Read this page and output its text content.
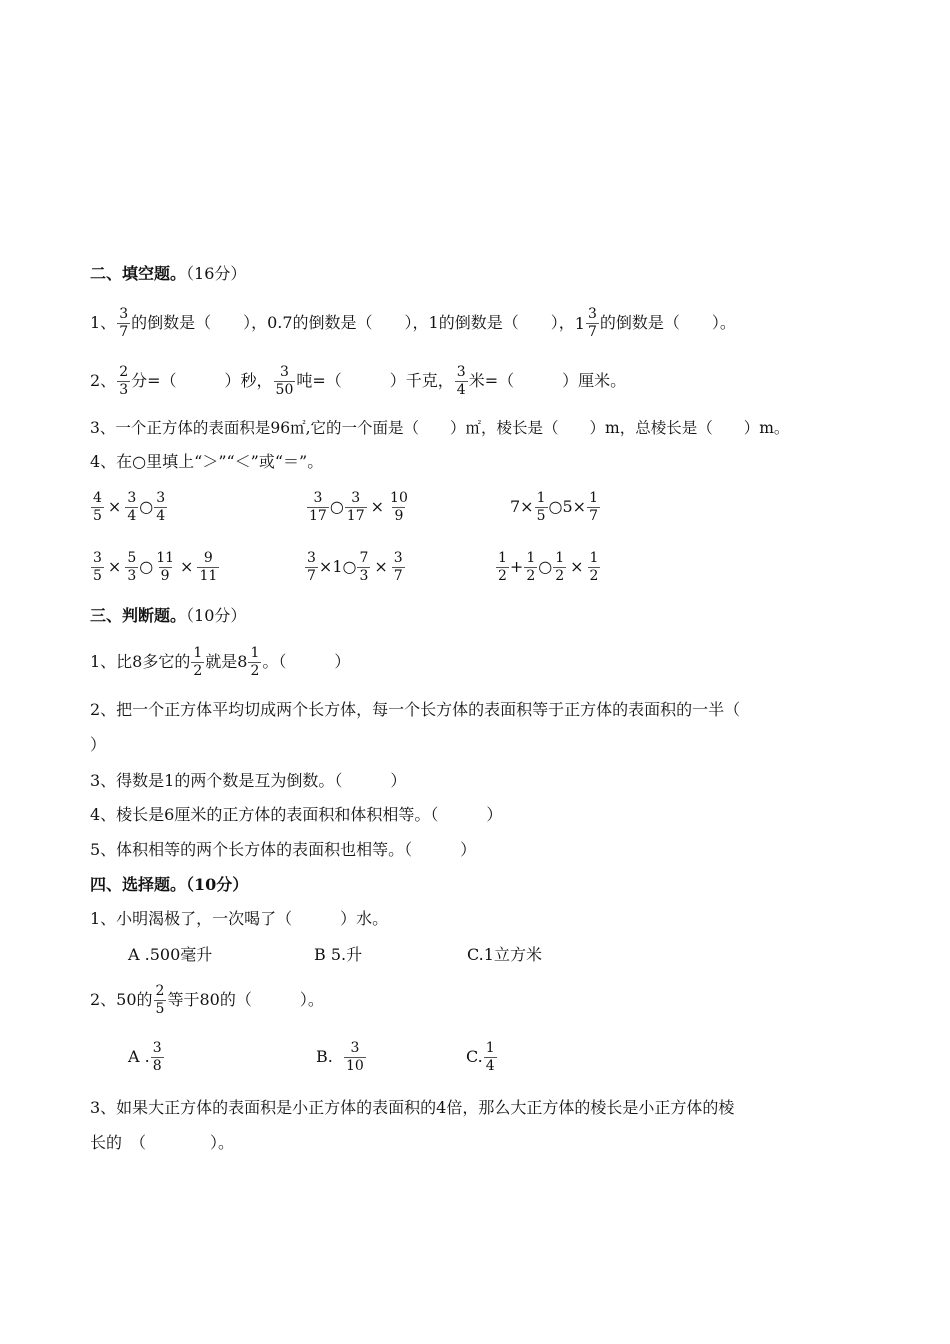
二、填空题。（16分）
1、 $\frac{3}{7}$ 的倒数是（　　），0.7的倒数是（　　），1的倒数是（　　），$1 \frac{3}{7}$ 的倒数是（　　）。
2、 $\frac{2}{3}$ 分=（　　　）秒， $\frac{3}{50}$ 吨=（　　　）千克， $\frac{3}{4}$ 米=（　　　）厘米。
3、一个正方体的表面积是96㎡,它的一个面是（　　）㎡，棱长是（　　）m，总棱长是（　　）m。
4、在○里填上“＞”“＜”或“＝”。
$\frac{4}{5} \times \frac{3}{4}$ ○ $\frac{3}{4}$	$\frac{3}{17}$ ○ $\frac{3}{17} \times \frac{10}{9}$	$7\times \frac{1}{5}$ ○5× $\frac{1}{7}$
$\frac{3}{5} \times \frac{5}{3}$ ○ $\frac{11}{9} \times \frac{9}{11}$	$\frac{3}{7}$ ×1○ $\frac{7}{3} \times \frac{3}{7}$	$\frac{1}{2} + \frac{1}{2}$ ○ $\frac{1}{2} \times \frac{1}{2}$
三、判断题。（10分）
1、比8多它的 $\frac{1}{2}$ 就是$8 \frac{1}{2}$ 。（　　　）
2、把一个正方体平均切成两个长方体，每一个长方体的表面积等于正方体的表面积的一半（
）
3、得数是1的两个数是互为倒数。（　　　）
4、棱长是6厘米的正方体的表面积和体积相等。（　　　）
5、体积相等的两个长方体的表面积也相等。（　　　）
四、选择题。（10分）
1、小明渴极了，一次喝了（　　　）水。
A .500毫升	B 5.升	C.1立方米
2、50的 $\frac{2}{5}$ 等于80的（　　　）。
A . $\frac{3}{8}$	B. $\frac{3}{10}$	C. $\frac{1}{4}$
3、如果大正方体的表面积是小正方体的表面积的4倍，那么大正方体的棱长是小正方体的棱
长的　（　　　　）。
